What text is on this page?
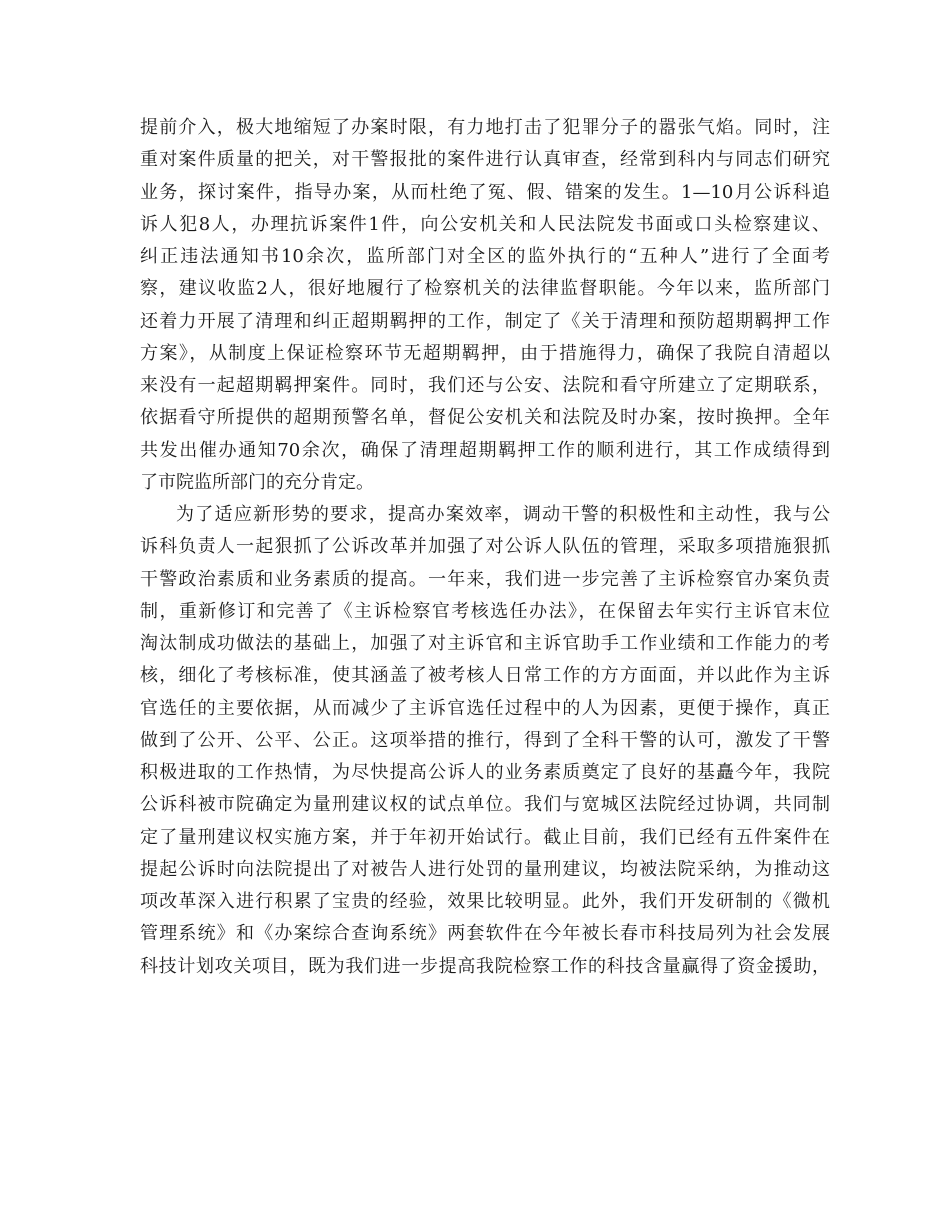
提前介入，极大地缩短了办案时限，有力地打击了犯罪分子的嚣张气焰。同时，注
重对案件质量的把关，对干警报批的案件进行认真审查，经常到科内与同志们研究
业务，探讨案件，指导办案，从而杜绝了冤、假、错案的发生。1—10月公诉科追
诉人犯8人，办理抗诉案件1件，向公安机关和人民法院发书面或口头检察建议、
纠正违法通知书10余次，监所部门对全区的监外执行的“五种人”进行了全面考
察，建议收监2人，很好地履行了检察机关的法律监督职能。今年以来，监所部门
还着力开展了清理和纠正超期羁押的工作，制定了《关于清理和预防超期羁押工作
方案》，从制度上保证检察环节无超期羁押，由于措施得力，确保了我院自清超以
来没有一起超期羁押案件。同时，我们还与公安、法院和看守所建立了定期联系，
依据看守所提供的超期预警名单，督促公安机关和法院及时办案，按时换押。全年
共发出催办通知70余次，确保了清理超期羁押工作的顺利进行，其工作成绩得到
了市院监所部门的充分肯定。
为了适应新形势的要求，提高办案效率，调动干警的积极性和主动性，我与公
诉科负责人一起狠抓了公诉改革并加强了对公诉人队伍的管理，采取多项措施狠抓
干警政治素质和业务素质的提高。一年来，我们进一步完善了主诉检察官办案负责
制，重新修订和完善了《主诉检察官考核选任办法》，在保留去年实行主诉官末位
淘汰制成功做法的基础上，加强了对主诉官和主诉官助手工作业绩和工作能力的考
核，细化了考核标准，使其涵盖了被考核人日常工作的方方面面，并以此作为主诉
官选任的主要依据，从而减少了主诉官选任过程中的人为因素，更便于操作，真正
做到了公开、公平、公正。这项举措的推行，得到了全科干警的认可，激发了干警
积极进取的工作热情，为尽快提高公诉人的业务素质奠定了良好的基矗今年，我院
公诉科被市院确定为量刑建议权的试点单位。我们与宽城区法院经过协调，共同制
定了量刑建议权实施方案，并于年初开始试行。截止目前，我们已经有五件案件在
提起公诉时向法院提出了对被告人进行处罚的量刑建议，均被法院采纳，为推动这
项改革深入进行积累了宝贵的经验，效果比较明显。此外，我们开发研制的《微机
管理系统》和《办案综合查询系统》两套软件在今年被长春市科技局列为社会发展
科技计划攻关项目，既为我们进一步提高我院检察工作的科技含量赢得了资金援助，
